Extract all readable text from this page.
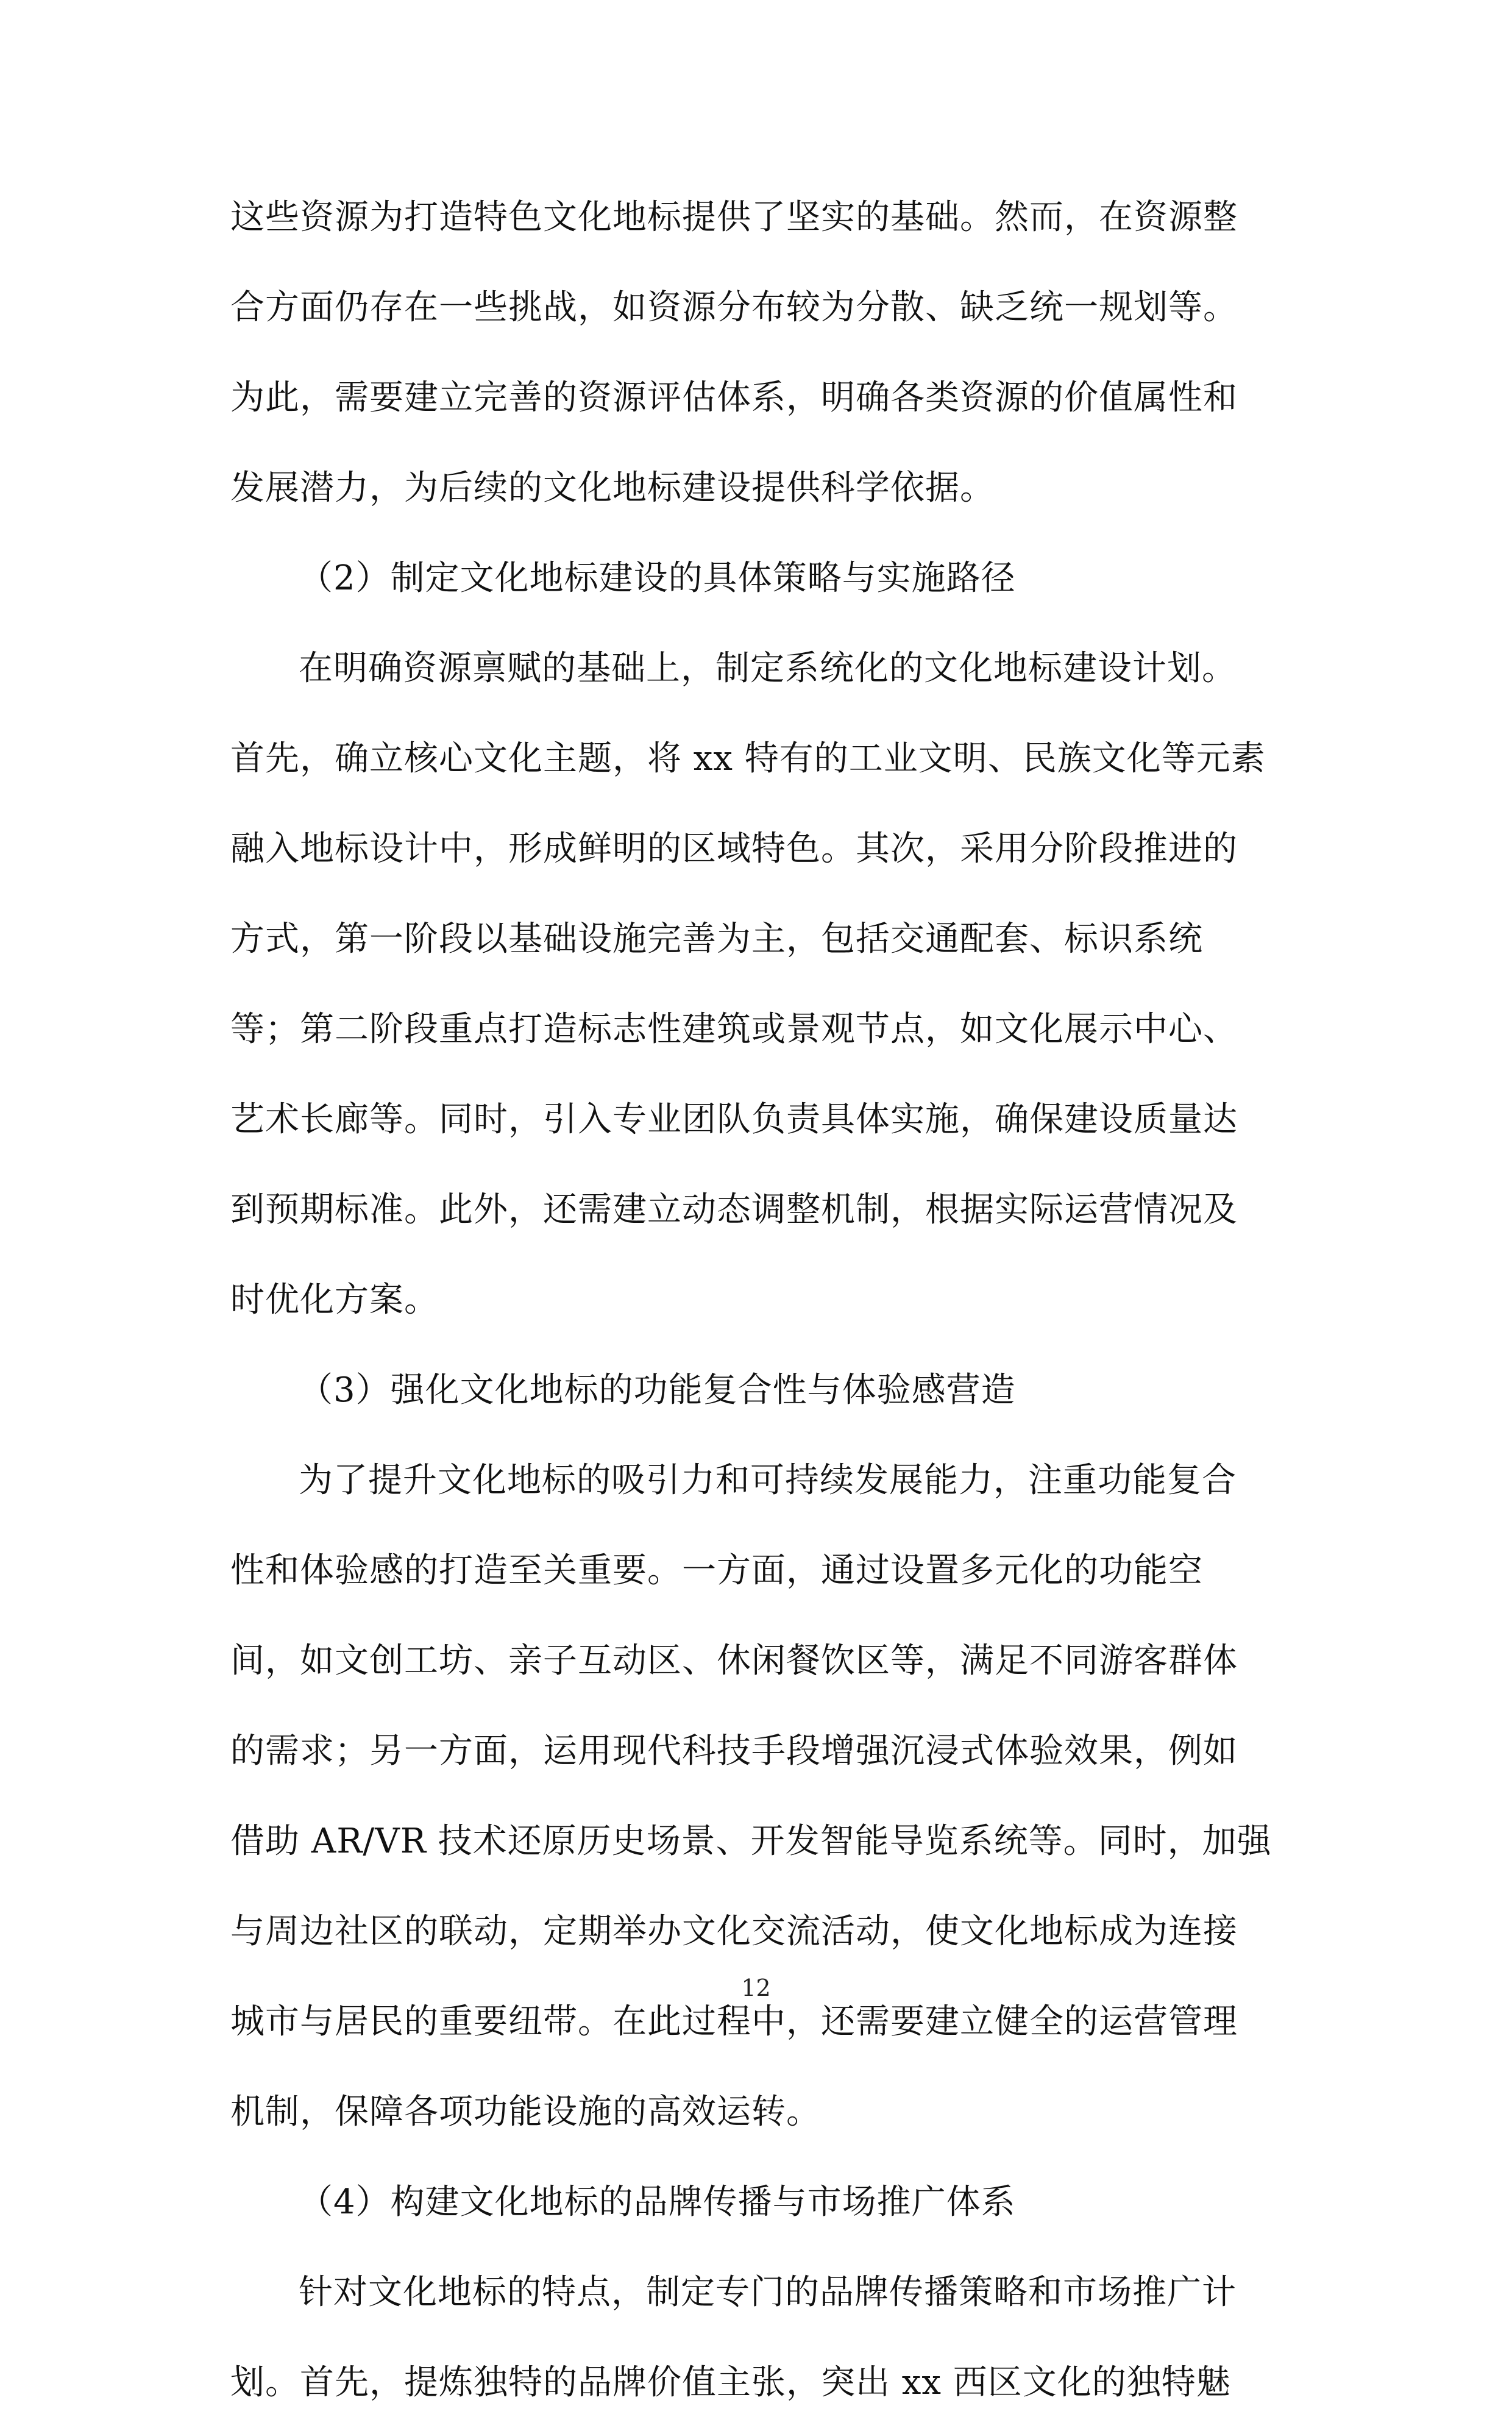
这些资源为打造特色文化地标提供了坚实的基础。然而，在资源整
合方面仍存在一些挑战，如资源分布较为分散、缺乏统一规划等。
为此，需要建立完善的资源评估体系，明确各类资源的价值属性和
发展潜力，为后续的文化地标建设提供科学依据。
（2）制定文化地标建设的具体策略与实施路径
在明确资源禀赋的基础上，制定系统化的文化地标建设计划。
首先，确立核心文化主题，将 xx 特有的工业文明、民族文化等元素
融入地标设计中，形成鲜明的区域特色。其次，采用分阶段推进的
方式，第一阶段以基础设施完善为主，包括交通配套、标识系统
等；第二阶段重点打造标志性建筑或景观节点，如文化展示中心、
艺术长廊等。同时，引入专业团队负责具体实施，确保建设质量达
到预期标准。此外，还需建立动态调整机制，根据实际运营情况及
时优化方案。
（3）强化文化地标的功能复合性与体验感营造
为了提升文化地标的吸引力和可持续发展能力，注重功能复合
性和体验感的打造至关重要。一方面，通过设置多元化的功能空
间，如文创工坊、亲子互动区、休闲餐饮区等，满足不同游客群体
的需求；另一方面，运用现代科技手段增强沉浸式体验效果，例如
借助 AR/VR 技术还原历史场景、开发智能导览系统等。同时，加强
与周边社区的联动，定期举办文化交流活动，使文化地标成为连接
城市与居民的重要纽带。在此过程中，还需要建立健全的运营管理
机制，保障各项功能设施的高效运转。
（4）构建文化地标的品牌传播与市场推广体系
针对文化地标的特点，制定专门的品牌传播策略和市场推广计
划。首先，提炼独特的品牌价值主张，突出 xx 西区文化的独特魅
12
